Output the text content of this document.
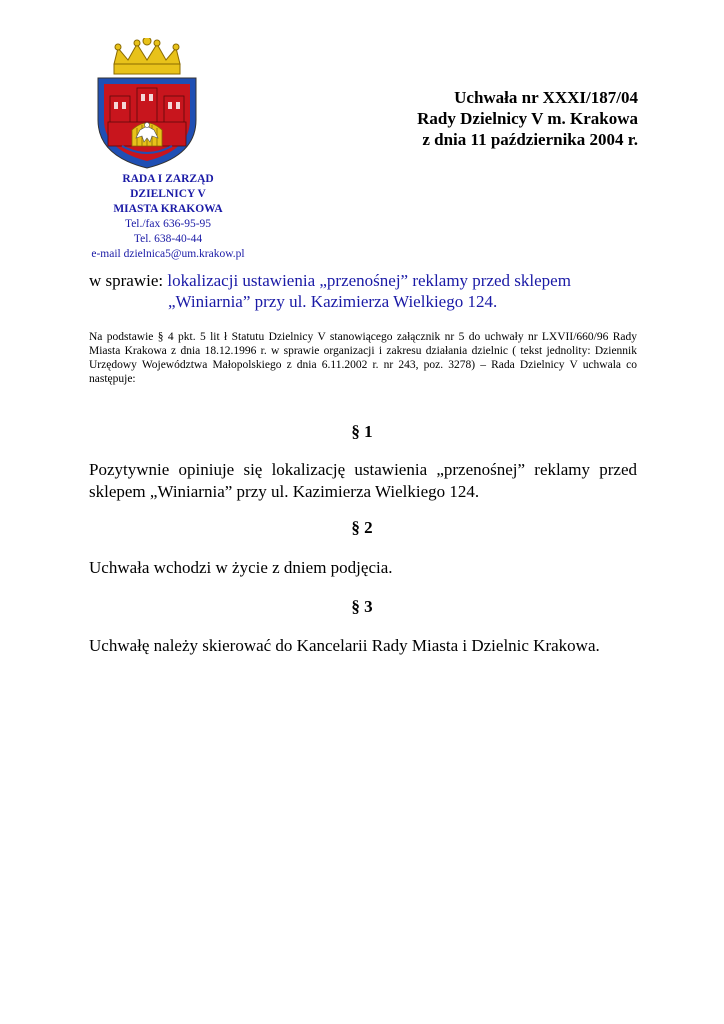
RADA I ZARZĄD
DZIELNICY V
MIASTA KRAKOWA
Tel./fax 636-95-95
Tel. 638-40-44
e-mail dzielnica5@um.krakow.pl
Uchwała nr XXXI/187/04
Rady Dzielnicy V m. Krakowa
z dnia 11 października 2004 r.
w sprawie: lokalizacji ustawienia „przenośnej” reklamy przed sklepem
„Winiarnia” przy ul. Kazimierza Wielkiego 124.
Na podstawie § 4 pkt. 5 lit ł Statutu Dzielnicy V stanowiącego załącznik nr 5 do uchwały nr LXVII/660/96 Rady Miasta Krakowa z dnia 18.12.1996 r. w sprawie organizacji i zakresu działania dzielnic ( tekst jednolity: Dziennik Urzędowy Województwa Małopolskiego z dnia 6.11.2002 r. nr 243, poz. 3278) – Rada Dzielnicy V uchwala co następuje:
§ 1
Pozytywnie opiniuje się lokalizację ustawienia „przenośnej” reklamy przed sklepem „Winiarnia” przy ul. Kazimierza Wielkiego 124.
§ 2
Uchwała wchodzi w życie z dniem podjęcia.
§ 3
Uchwałę należy skierować do Kancelarii Rady Miasta i Dzielnic Krakowa.
